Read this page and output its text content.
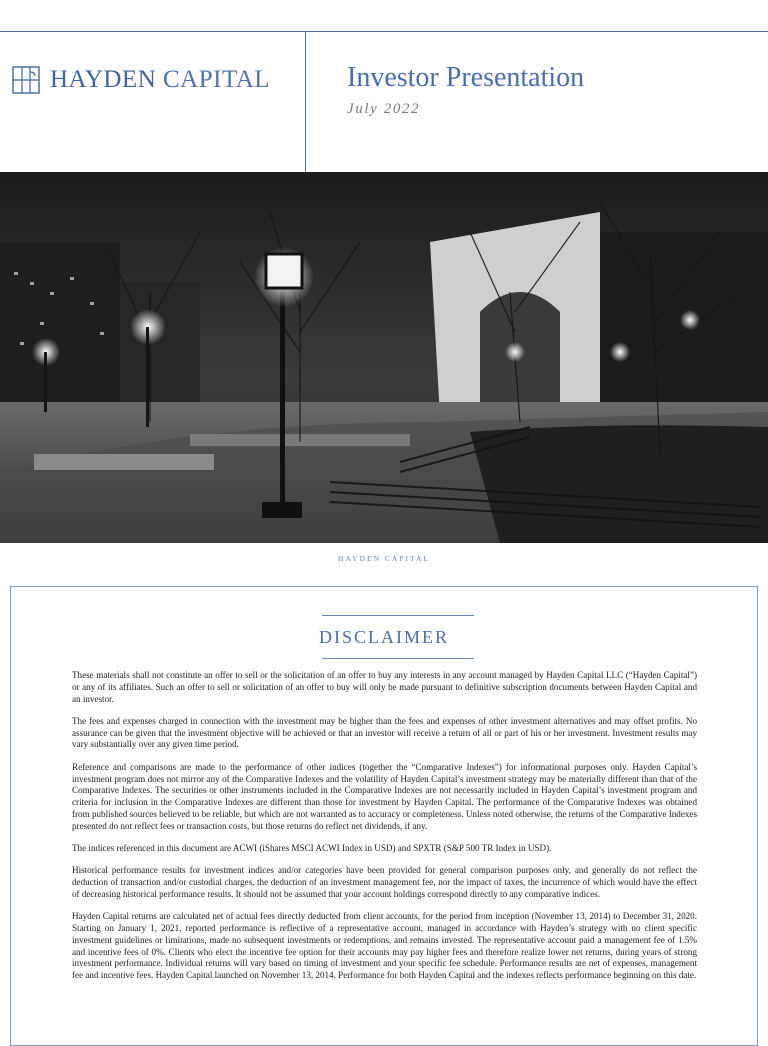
HAYDEN CAPITAL	Investor Presentation
July 2022
HAYDEN CAPITAL
DISCLAIMER

These materials shall not constitute an offer to sell or the solicitation of an offer to buy any interests in any account managed by Hayden Capital LLC (“Hayden Capital”) or any of its affiliates. Such an offer to sell or solicitation of an offer to buy will only be made pursuant to definitive subscription documents between Hayden Capital and an investor.

The fees and expenses charged in connection with the investment may be higher than the fees and expenses of other investment alternatives and may offset profits. No assurance can be given that the investment objective will be achieved or that an investor will receive a return of all or part of his or her investment. Investment results may vary substantially over any given time period.

Reference and comparisons are made to the performance of other indices (together the “Comparative Indexes”) for informational purposes only. Hayden Capital’s investment program does not mirror any of the Comparative Indexes and the volatility of Hayden Capital’s investment strategy may be materially different than that of the Comparative Indexes. The securities or other instruments included in the Comparative Indexes are not necessarily included in Hayden Capital’s investment program and criteria for inclusion in the Comparative Indexes are different than those for investment by Hayden Capital. The performance of the Comparative Indexes was obtained from published sources believed to be reliable, but which are not warranted as to accuracy or completeness. Unless noted otherwise, the returns of the Comparative Indexes presented do not reflect fees or transaction costs, but those returns do reflect net dividends, if any.

The indices referenced in this document are ACWI (iShares MSCI ACWI Index in USD) and SPXTR (S&P 500 TR Index in USD).

Historical performance results for investment indices and/or categories have been provided for general comparison purposes only, and generally do not reflect the deduction of transaction and/or custodial charges, the deduction of an investment management fee, nor the impact of taxes, the incurrence of which would have the effect of decreasing historical performance results. It should not be assumed that your account holdings correspond directly to any comparative indices.

Hayden Capital returns are calculated net of actual fees directly deducted from client accounts, for the period from inception (November 13, 2014) to December 31, 2020. Starting on January 1, 2021, reported performance is reflective of a representative account, managed in accordance with Hayden’s strategy with no client specific investment guidelines or limitations, made no subsequent investments or redemptions, and remains invested. The representative account paid a management fee of 1.5% and incentive fees of 0%. Clients who elect the incentive fee option for their accounts may pay higher fees and therefore realize lower net returns, during years of strong investment performance. Individual returns will vary based on timing of investment and your specific fee schedule. Performance results are net of expenses, management fee and incentive fees. Hayden Capital launched on November 13, 2014. Performance for both Hayden Capital and the indexes reflects performance beginning on this date.
